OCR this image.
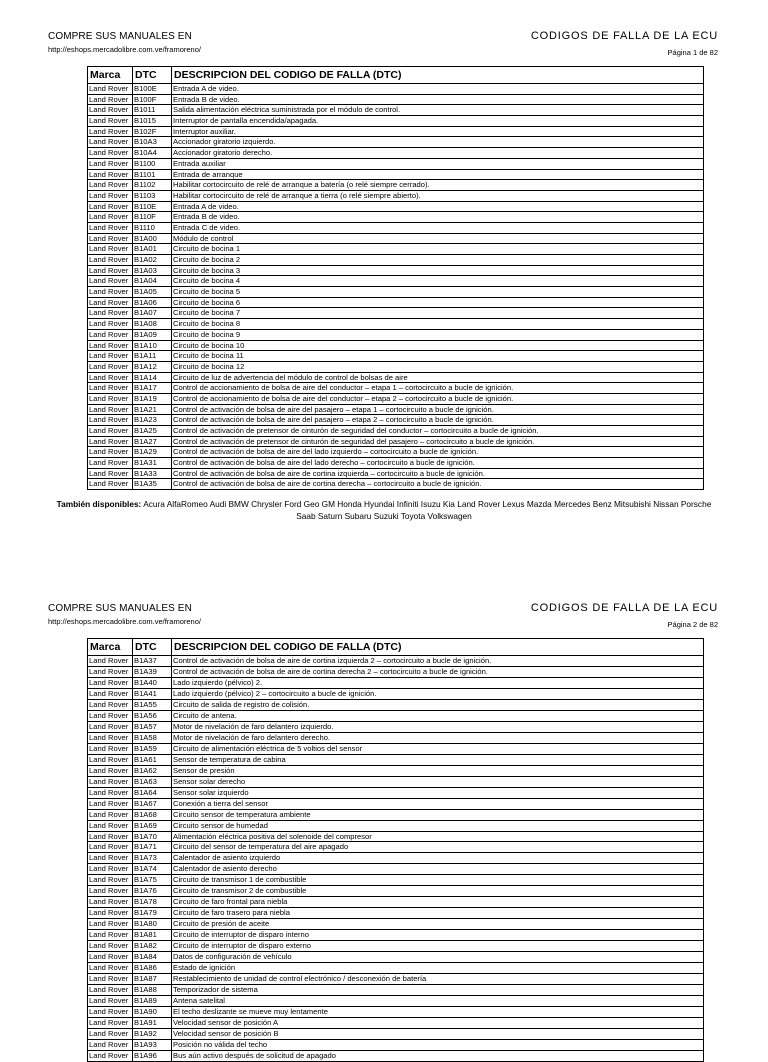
COMPRE SUS MANUALES EN
http://eshops.mercadolibre.com.ve/framoreno/
CODIGOS DE FALLA DE LA ECU
Página 1 de 82
Marca	DTC	DESCRIPCION DEL CODIGO DE FALLA (DTC)
Land Rover	B100E	Entrada A de video.
Land Rover	B100F	Entrada B de video.
Land Rover	B1011	Salida alimentación eléctrica suministrada por el módulo de control.
Land Rover	B1015	Interruptor de pantalla encendida/apagada.
Land Rover	B102F	Interruptor auxiliar.
Land Rover	B10A3	Accionador giratorio izquierdo.
Land Rover	B10A4	Accionador giratorio derecho.
Land Rover	B1100	Entrada auxiliar
Land Rover	B1101	Entrada de arranque
Land Rover	B1102	Habilitar cortocircuito de relé de arranque a batería (o relé siempre cerrado).
Land Rover	B1103	Habilitar cortocircuito de relé de arranque a tierra (o relé siempre abierto).
Land Rover	B110E	Entrada A de video.
Land Rover	B110F	Entrada B de video.
Land Rover	B1110	Entrada C de video.
Land Rover	B1A00	Módulo de control
Land Rover	B1A01	Circuito de bocina 1
Land Rover	B1A02	Circuito de bocina 2
Land Rover	B1A03	Circuito de bocina 3
Land Rover	B1A04	Circuito de bocina 4
Land Rover	B1A05	Circuito de bocina 5
Land Rover	B1A06	Circuito de bocina 6
Land Rover	B1A07	Circuito de bocina 7
Land Rover	B1A08	Circuito de bocina 8
Land Rover	B1A09	Circuito de bocina 9
Land Rover	B1A10	Circuito de bocina 10
Land Rover	B1A11	Circuito de bocina 11
Land Rover	B1A12	Circuito de bocina 12
Land Rover	B1A14	Circuito de luz de advertencia del módulo de control de bolsas de aire
Land Rover	B1A17	Control de accionamiento de bolsa de aire del conductor – etapa 1 – cortocircuito a bucle de ignición.
Land Rover	B1A19	Control de accionamiento de bolsa de aire del conductor – etapa 2 – cortocircuito a bucle de ignición.
Land Rover	B1A21	Control de activación de bolsa de aire del pasajero – etapa 1 – cortocircuito a bucle de ignición.
Land Rover	B1A23	Control de activación de bolsa de aire del pasajero – etapa 2 – cortocircuito a bucle de ignición.
Land Rover	B1A25	Control de activación de pretensor de cinturón de seguridad del conductor – cortocircuito a bucle de ignición.
Land Rover	B1A27	Control de activación de pretensor de cinturón de seguridad del pasajero – cortocircuito a bucle de ignición.
Land Rover	B1A29	Control de activación de bolsa de aire del lado izquierdo – cortocircuito a bucle de ignición.
Land Rover	B1A31	Control de activación de bolsa de aire del lado derecho – cortocircuito a bucle de ignición.
Land Rover	B1A33	Control de activación de bolsa de aire de cortina izquierda – cortocircuito a bucle de ignición.
Land Rover	B1A35	Control de activación de bolsa de aire de cortina derecha – cortocircuito a bucle de ignición.
También disponibles: Acura AlfaRomeo Audi BMW Chrysler Ford Geo GM Honda Hyundai Infiniti Isuzu Kia Land Rover Lexus Mazda Mercedes Benz Mitsubishi Nissan Porsche Saab Saturn Subaru Suzuki Toyota Volkswagen
COMPRE SUS MANUALES EN
http://eshops.mercadolibre.com.ve/framoreno/
CODIGOS DE FALLA DE LA ECU
Página 2 de 82
Marca	DTC	DESCRIPCION DEL CODIGO DE FALLA (DTC)
Land Rover	B1A37	Control de activación de bolsa de aire de cortina izquierda 2 – cortocircuito a bucle de ignición.
Land Rover	B1A39	Control de activación de bolsa de aire de cortina derecha 2 – cortocircuito a bucle de ignición.
Land Rover	B1A40	Lado izquierdo (pélvico) 2.
Land Rover	B1A41	Lado izquierdo (pélvico) 2 – cortocircuito a bucle de ignición.
Land Rover	B1A55	Circuito de salida de registro de colisión.
Land Rover	B1A56	Circuito de antena.
Land Rover	B1A57	Motor de nivelación de faro delantero izquierdo.
Land Rover	B1A58	Motor de nivelación de faro delantero derecho.
Land Rover	B1A59	Circuito de alimentación eléctrica de 5 voltios del sensor
Land Rover	B1A61	Sensor de temperatura de cabina
Land Rover	B1A62	Sensor de presión
Land Rover	B1A63	Sensor solar derecho
Land Rover	B1A64	Sensor solar izquierdo
Land Rover	B1A67	Conexión a tierra del sensor
Land Rover	B1A68	Circuito sensor de temperatura ambiente
Land Rover	B1A69	Circuito sensor de humedad
Land Rover	B1A70	Alimentación eléctrica positiva del solenoide del compresor
Land Rover	B1A71	Circuito del sensor de temperatura del aire apagado
Land Rover	B1A73	Calentador de asiento izquierdo
Land Rover	B1A74	Calentador de asiento derecho
Land Rover	B1A75	Circuito de transmisor 1 de combustible
Land Rover	B1A76	Circuito de transmisor 2 de combustible
Land Rover	B1A78	Circuito de faro frontal para niebla
Land Rover	B1A79	Circuito de faro trasero para niebla
Land Rover	B1A80	Circuito de presión de aceite
Land Rover	B1A81	Circuito de interruptor de disparo interno
Land Rover	B1A82	Circuito de interruptor de disparo externo
Land Rover	B1A84	Datos de configuración de vehículo
Land Rover	B1A86	Estado de ignición
Land Rover	B1A87	Restablecimiento de unidad de control electrónico / desconexión de batería
Land Rover	B1A88	Temporizador de sistema
Land Rover	B1A89	Antena satelital
Land Rover	B1A90	El techo deslizante se mueve muy lentamente
Land Rover	B1A91	Velocidad sensor de posición A
Land Rover	B1A92	Velocidad sensor de posición B
Land Rover	B1A93	Posición no válida del techo
Land Rover	B1A96	Bus aún activo después de solicitud de apagado
